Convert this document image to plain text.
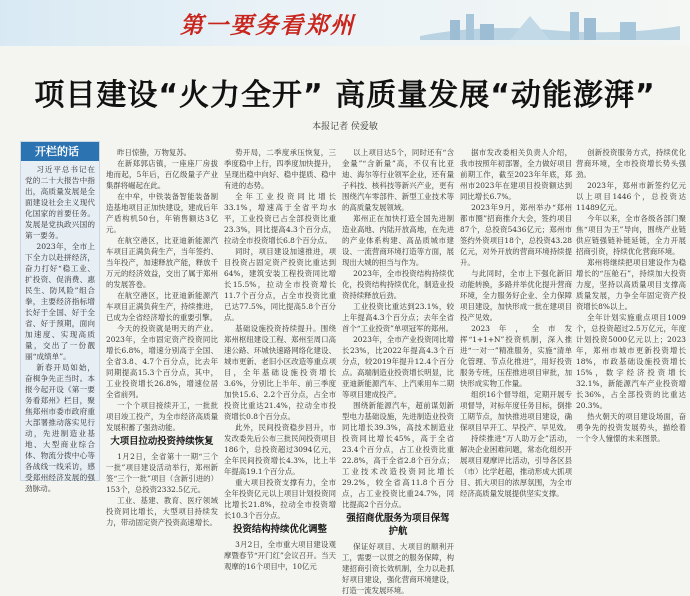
第一要务看郑州
项目建设“火力全开” 高质量发展“动能澎湃”
本报记者 侯爱敏
开栏的话

习近平总书记在党的二十大报告中指出，高质量发展是全面建设社会主义现代化国家的首要任务。发展是党执政兴国的第一要务。

2023年，全市上下全力以赴拼经济，奋力打好“稳工业、扩投资、促消费、惠民生、防风险”组合拳，主要经济指标增长好于全国、好于全省、好于预期，面向加速度、实现高质量，交出了一份靓丽“成绩单”。

新春开局如始，奋楫争先正当时。本报今起开设《第一要务看郑州》栏目，聚焦郑州市委市政府重大部署推动落实见行动，先进制造业基地、大型商业综合体、物流分拨中心等各战线一线采访，感受郑州经济发展的强劲脉动。

昨日惊蛰，万物复苏。

在新郑郭店镇，一座座厂房拔地而起，5年后，百亿级量子产业集群将崛起在此。

在中牟，中铁装备智能装备制造基地项目正加快建设，建成后年产盾构机50台，年销售额达3亿元。

在航空港区，比亚迪新能源汽车项目正满负荷生产，当年签约、当年投产，加速释放产能，释放千万元的经济效益，交出了属于郑州的发展答卷。

在航空港区，比亚迪新能源汽车项目正满负荷生产，持续推进，已成为全省经济增长的重要引擎。

今天的投资就是明天的产业。2023年，全市固定资产投资同比增长6.8%，增速分别高于全国、全省3.8、4.7个百分点，比去年同期提高15.3个百分点，其中，工业投资增长26.8%，增速位居全省前列。

一个个项目接续开工，一批批项目竣工投产，为全市经济高质量发展积蓄了强劲动能。

大项目拉动投资持续恢复

1月2日，全省第十一期“三个一批”项目建设活动举行，郑州新签“三个一批”项目（含新引进的）153个，总投资2332.5亿元。

工业、基建、教育、医疗领域投资同比增长，大型项目持续发力，带动固定资产投资高速增长。

势开局，二季度承压恢复，三季度稳中上行，四季度加快提升，呈现出稳中向好、稳中提质、稳中有进的态势。

全年工业投资同比增长33.1%，增速高于全省平均水平，工业投资已占全部投资比重23.3%，同比提高4.3个百分点，拉动全市投资增长6.8个百分点。

同时，项目建设加速推进，项目投资占固定资产投资比重达到64%，建筑安装工程投资同比增长15.5%，拉动全市投资增长11.7个百分点，占全市投资比重已达77.5%，同比提高5.8个百分点。

基础设施投资持续提升。围绕郑州枢纽建设工程、郑州至周口高速公路、环城快速路网络化建设、城市更新、老旧小区改造等重点项目，全年基础设施投资增长3.6%，分别比上半年、前三季度加快15.6、2.2个百分点，占全市投资比重达21.4%，拉动全市投资增长0.8个百分点。

此外，民间投资稳步回升，市发改委先后公布三批民间投资项目186个，总投资超过3094亿元，全年民间投资增长4.3%，比上半年提高19.1个百分点。

重大项目投资支撑有力，全市全年投资亿元以上项目计划投资同比增长21.8%，拉动全市投资增长10.3个百分点。

投资结构持续优化调整

3月2日，全市重大项目建设观摩暨春节“开门红”会议召开。当天观摩的16个项目中，10亿元

以上项目达5个，同时还有“含金量”“含新量”高，不仅有比亚迪、海尔等行业领军企业，还有量子科技、核科技等新兴产业，更有围绕汽车零部件、新型工业技术等的高质量发展领域。

郑州正在加快打造全国先进制造业高地、内陆开放高地，在先进的产业体系构建、高品质城市建设、一流营商环境打造等方面，展现出大城的担当与作为。

2023年，全市投资结构持续优化，投资结构持续优化，制造业投资持续释放后劲。

工业投资比重达到23.1%，较上年提高4.3个百分点；去年全省首个“工业投资”单项冠军的郑州。

2023年，全市产业投资同比增长23%，比2022年提高4.3个百分点，较2019年提升12.4个百分点。高端制造业投资增长明显，比亚迪新能源汽车、上汽乘用车二期等项目建成投产。

围绕新能源汽车，超前谋划新型电力基础设施，先进制造业投资同比增长39.3%，高技术制造业投资同比增长45%，高于全省23.4个百分点，占工业投资比重22.8%，高于全省2.8个百分点；工业技术改造投资同比增长29.2%，较全省高11.8个百分点，占工业投资比重24.7%，同比提高2个百分点。

强招商优服务为项目保驾护航

保证好项目、大项目的顺利开工，需要一以贯之的服务保障，构建招商引资长效机制，全力以赴抓好项目建设，强化营商环境建设，打造一流发展环境。

据市发改委相关负责人介绍，我市按照年初部署，全力做好项目前期工作，截至2023年年底，郑州市2023年在建项目投资额达到同比增长6.7%。

2023年9月，郑州举办“郑州都市圈”招商推介大会，签约项目87个，总投资5436亿元；郑州市签约外资项目18个，总投资43.28亿元，对外开放的营商环境持续提升。

与此同时，全市上下强化新旧动能转换，多路并举优化提升营商环境，全力服务好企业、全力保障项目建设，加快形成一批在建项目投产见效。

2023年，全市发挥“1+1+N”投资机制，深入推进“一对一”精准服务，实施“清单化管理、节点化推进”，用好投资服务专班，压茬推进项目审批，加快形成实物工作量。

组织16个督导组，定期开展专项督导，对标年度任务目标，倒排工期节点，加快推进项目建设，确保项目早开工、早投产、早见效。

持续推进“万人助万企”活动，解决企业困难问题，常态化组织开展项目观摩评比活动，引导各区县（市）比学赶超，推动形成大抓项目、抓大项目的浓厚氛围，为全市经济高质量发展提供坚实支撑。

创新投资服务方式，持续优化营商环境，全市投资增长势头强劲。

2023年，郑州市新签约亿元以上项目1446个，总投资达11489亿元。

今年以来，全市各级各部门聚焦“项目为王”导向，围绕产业链供应链强链补链延链，全力开展招商引资，持续优化营商环境。

郑州将继续把项目建设作为稳增长的“压舱石”，持续加大投资力度，坚持以高质量项目支撑高质量发展，力争全年固定资产投资增长8%以上。

全年计划实施重点项目1009个，总投资超过2.5万亿元，年度计划投资5000亿元以上；2023年，郑州市城市更新投资增长18%，市政基础设施投资增长15%，数字经济投资增长32.1%，新能源汽车产业投资增长36%，占全部投资的比重达20.3%。

热火朝天的项目建设场面，奋勇争先的投资发展势头，描绘着一个令人憧憬的未来图景。
